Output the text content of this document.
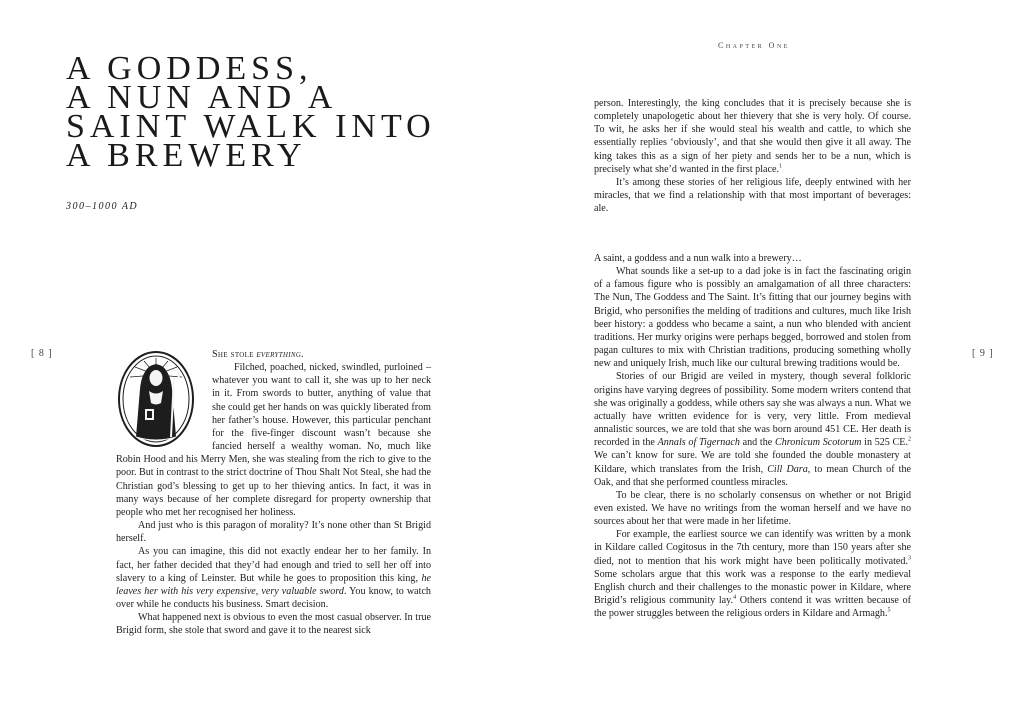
A GODDESS,
A NUN AND A
SAINT WALK INTO
A BREWERY
300–1000 AD
[ 8 ]	She stole everything.

Filched, poached, nicked, swindled, purloined – whatever you want to call it, she was up to her neck in it. From swords to butter, anything of value that she could get her hands on was quickly liberated from her father’s house. However, this particular penchant for the five-finger discount wasn’t because she fancied herself a wealthy woman. No, much like Robin Hood and his Merry Men, she was stealing from the rich to give to the poor. But in contrast to the strict doctrine of Thou Shalt Not Steal, she had the Christian god’s blessing to get up to her thieving antics. In fact, it was in many ways because of her complete disregard for property ownership that people who met her recognised her holiness.

And just who is this paragon of morality? It’s none other than St Brigid herself.

As you can imagine, this did not exactly endear her to her family. In fact, her father decided that they’d had enough and tried to sell her off into slavery to a king of Leinster. But while he goes to proposition this king, he leaves her with his very expensive, very valuable sword. You know, to watch over while he conducts his business. Smart decision.

What happened next is obvious to even the most casual observer. In true Brigid form, she stole that sword and gave it to the nearest sick

Chapter One
[ 9 ]

person. Interestingly, the king concludes that it is precisely because she is completely unapologetic about her thievery that she is very holy. Of course. To wit, he asks her if she would steal his wealth and cattle, to which she essentially replies ‘obviously’, and that she would then give it all away. The king takes this as a sign of her piety and sends her to be a nun, which is precisely what she’d wanted in the first place.$^1$

It’s among these stories of her religious life, deeply entwined with her miracles, that we find a relationship with that most important of beverages: ale.

A saint, a goddess and a nun walk into a brewery…

What sounds like a set-up to a dad joke is in fact the fascinating origin of a famous figure who is possibly an amalgamation of all three characters: The Nun, The Goddess and The Saint. It’s fitting that our journey begins with Brigid, who personifies the melding of traditions and cultures, much like Irish beer history: a goddess who became a saint, a nun who blended with ancient traditions. Her murky origins were perhaps begged, borrowed and stolen from pagan cultures to mix with Christian traditions, producing something wholly new and uniquely Irish, much like our cultural brewing traditions would be.

Stories of our Brigid are veiled in mystery, though several folkloric origins have varying degrees of possibility. Some modern writers contend that she was originally a goddess, while others say she was always a nun. What we actually have written evidence for is very, very little. From medieval annalistic sources, we are told that she was born around 451 CE. Her death is recorded in the Annals of Tigernach and the Chronicum Scotorum in 525 CE.$^2$ We can’t know for sure. We are told she founded the double monastery at Kildare, which translates from the Irish, Cill Dara, to mean Church of the Oak, and that she performed countless miracles.

To be clear, there is no scholarly consensus on whether or not Brigid even existed. We have no writings from the woman herself and we have no sources about her that were made in her lifetime.

For example, the earliest source we can identify was written by a monk in Kildare called Cogitosus in the 7th century, more than 150 years after she died, not to mention that his work might have been politically motivated.$^3$ Some scholars argue that this work was a response to the early medieval English church and their challenges to the monastic power in Kildare, where Brigid’s religious community lay.$^4$ Others contend it was written because of the power struggles between the religious orders in Kildare and Armagh.$^5$
